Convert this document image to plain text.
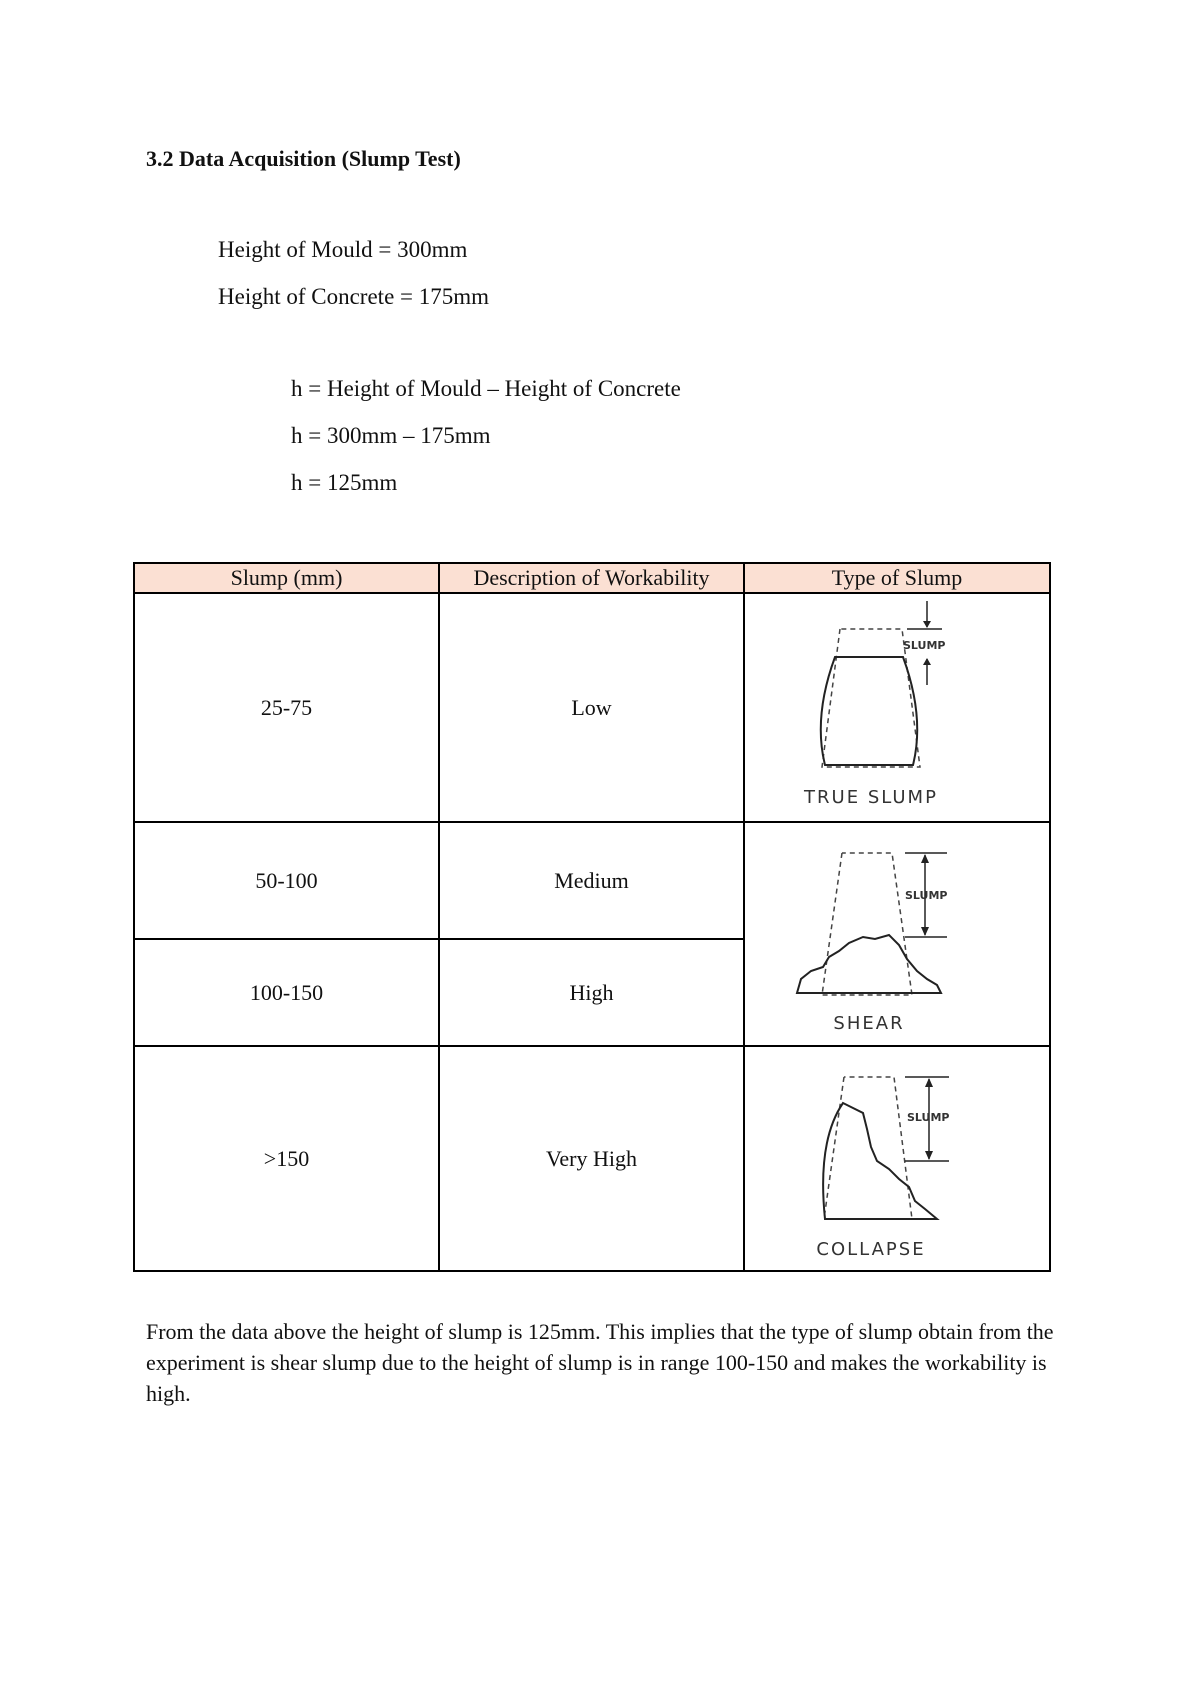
3.2 Data Acquisition (Slump Test)
Height of Mould = 300mm
Height of Concrete = 175mm
h = Height of Mould – Height of Concrete
h = 300mm – 175mm
h = 125mm
Slump (mm)	Description of Workability	Type of Slump
25-75	Low	SLUMP
TRUE SLUMP

50-100	Medium	SLUMP
SHEAR

100-150	High	
>150	Very High	SLUMP
COLLAPSE
From the data above the height of slump is 125mm. This implies that the type of slump obtain from the experiment is shear slump due to the height of slump is in range 100-150 and makes the workability is high.
